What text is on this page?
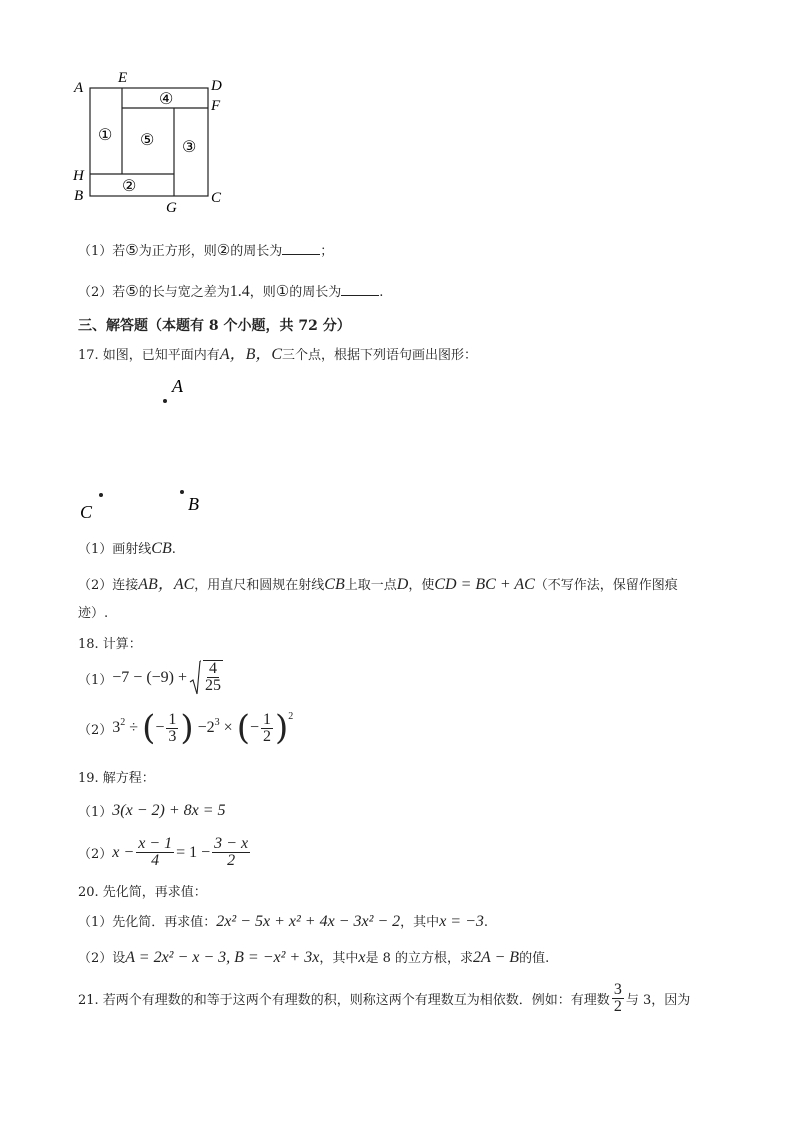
A
E	D
F
H
B
G
C
①
②
③
④
⑤
（1）若⑤为正方形，则②的周长为	；
（2）若⑤的长与宽之差为1.4，则①的周长为	.
三、解答题（本题有 8 个小题，共 72 分）
17. 如图，已知平面内有A，B，C三个点，根据下列语句画出图形：
A
B
C
（1）画射线CB.
（2）连接AB，AC，用直尺和圆规在射线CB上取一点D，使CD = BC + AC（不写作法，保留作图痕
迹）.
18. 计算：
$(1) -7 - (-9) + \frac{4}{25}$
（2） $3^2$ ÷ ( − $\frac{1}{3}$ ) $-2^3$ × ( − $\frac{1}{2} )^2$
19. 解方程：
（1） 3(x − 2) + 8x = 5
（2） $x - \frac{x - 1}{4} = 1 - \frac{3 - x}{2}$
20. 先化简，再求值：
（1）先化简．再求值：2x² − 5x + x² + 4x − 3x² − 2，其中x = −3.
（2）设A = 2x² − x − 3, B = −x² + 3x，其中x是 8 的立方根，求2A − B的值.
21. 若两个有理数的和等于这两个有理数的积，则称这两个有理数互为相依数．例如：有理数 $\frac{3}{2}$ 与 3，因为
